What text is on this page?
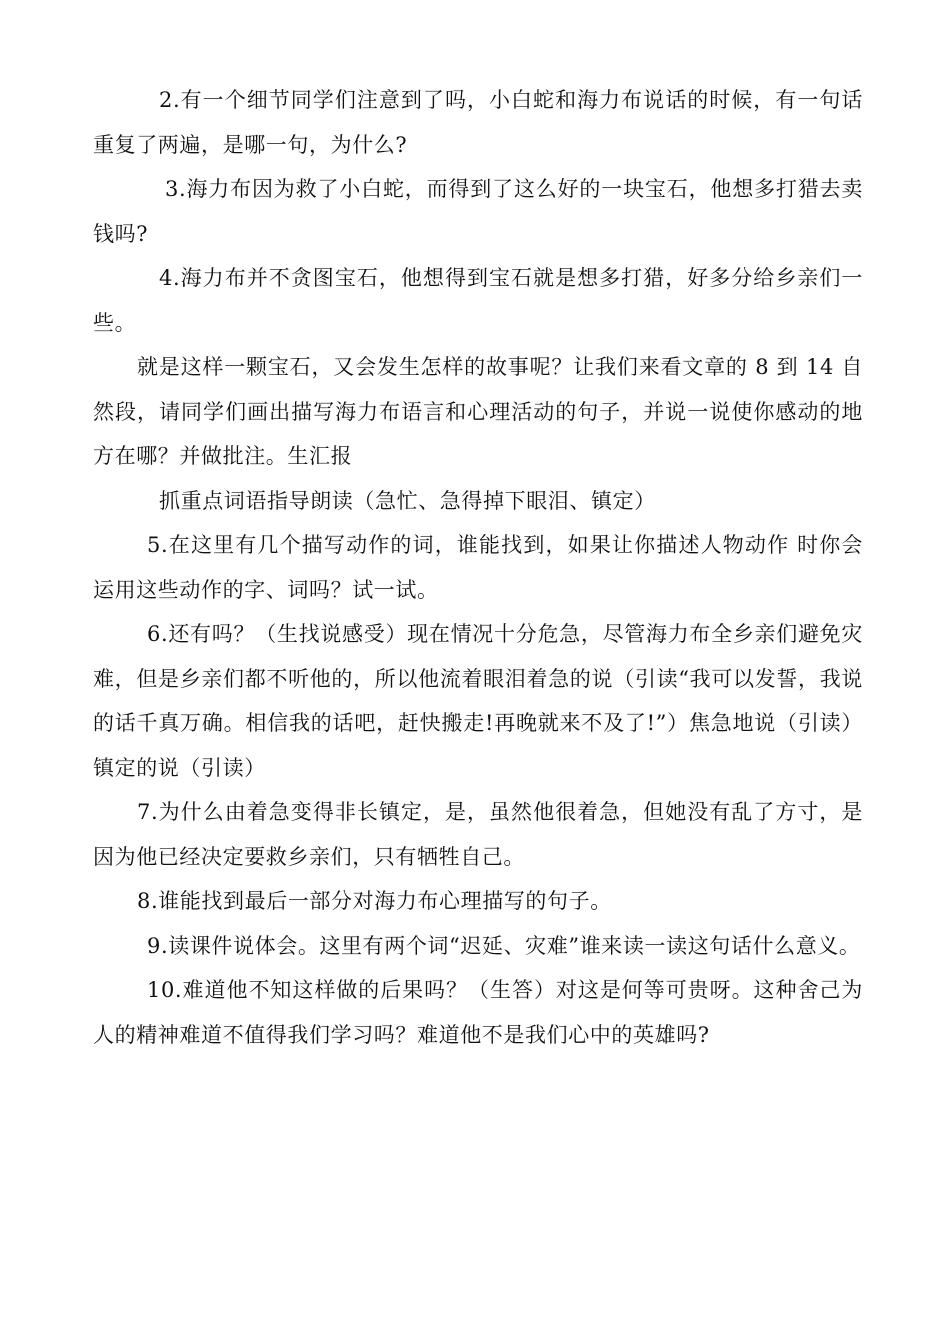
2.有一个细节同学们注意到了吗，小白蛇和海力布说话的时候，有一句话重复了两遍，是哪一句，为什么?

3.海力布因为救了小白蛇，而得到了这么好的一块宝石，他想多打猎去卖钱吗?

4.海力布并不贪图宝石，他想得到宝石就是想多打猎，好多分给乡亲们一些。

就是这样一颗宝石，又会发生怎样的故事呢？让我们来看文章的 8 到 14 自然段，请同学们画出描写海力布语言和心理活动的句子，并说一说使你感动的地方在哪？并做批注。生汇报

抓重点词语指导朗读（急忙、急得掉下眼泪、镇定）

5.在这里有几个描写动作的词，谁能找到，如果让你描述人物动作 时你会运用这些动作的字、词吗？试一试。

6.还有吗？（生找说感受）现在情况十分危急，尽管海力布全乡亲们避免灾难，但是乡亲们都不听他的，所以他流着眼泪着急的说（引读“我可以发誓，我说的话千真万确。相信我的话吧，赶快搬走!再晚就来不及了!”）焦急地说（引读）镇定的说（引读）

7.为什么由着急变得非长镇定，是，虽然他很着急，但她没有乱了方寸，是因为他已经决定要救乡亲们，只有牺牲自己。

8.谁能找到最后一部分对海力布心理描写的句子。

9.读课件说体会。这里有两个词“迟延、灾难”谁来读一读这句话什么意义。

10.难道他不知这样做的后果吗？（生答）对这是何等可贵呀。这种舍己为人的精神难道不值得我们学习吗？难道他不是我们心中的英雄吗?
